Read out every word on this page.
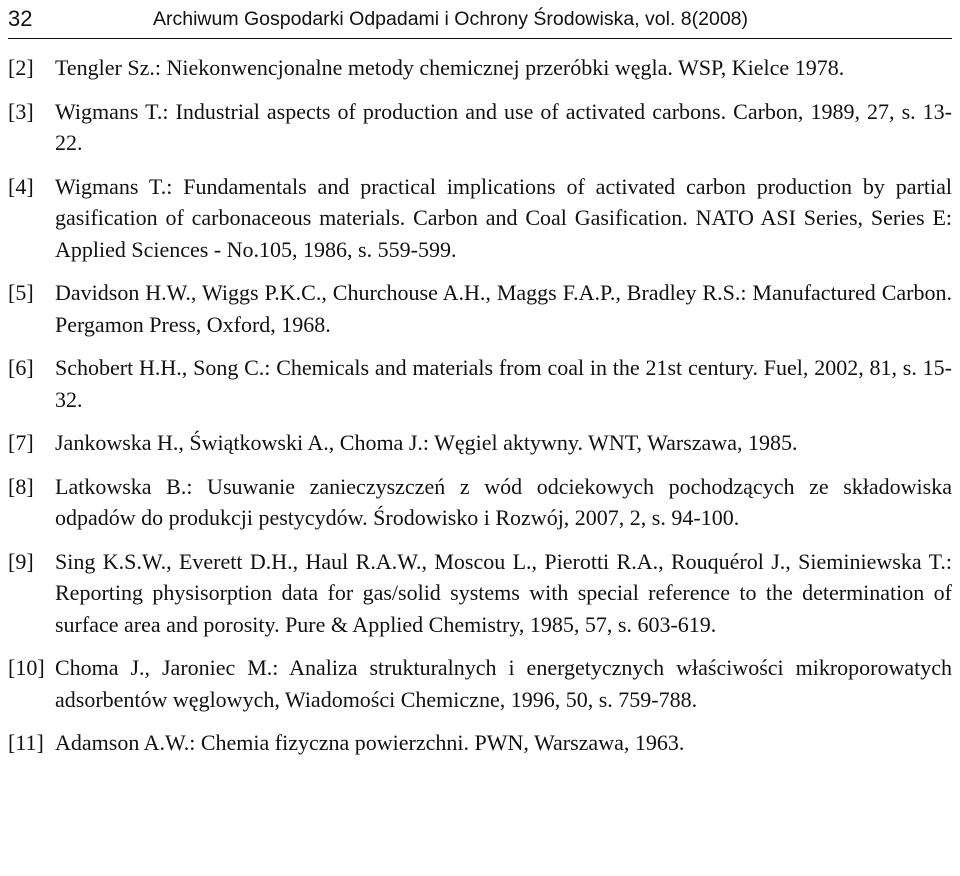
32	Archiwum Gospodarki Odpadami i Ochrony Środowiska, vol. 8(2008)
[2] Tengler Sz.: Niekonwencjonalne metody chemicznej przeróbki węgla. WSP, Kielce 1978.
[3] Wigmans T.: Industrial aspects of production and use of activated carbons. Carbon, 1989, 27, s. 13-22.
[4] Wigmans T.: Fundamentals and practical implications of activated carbon production by partial gasification of carbonaceous materials. Carbon and Coal Gasification. NATO ASI Series, Series E: Applied Sciences - No.105, 1986, s. 559-599.
[5] Davidson H.W., Wiggs P.K.C., Churchouse A.H., Maggs F.A.P., Bradley R.S.: Manufactured Carbon. Pergamon Press, Oxford, 1968.
[6] Schobert H.H., Song C.: Chemicals and materials from coal in the 21st century. Fuel, 2002, 81, s. 15-32.
[7] Jankowska H., Świątkowski A., Choma J.: Węgiel aktywny. WNT, Warszawa, 1985.
[8] Latkowska B.: Usuwanie zanieczyszczeń z wód odciekowych pochodzących ze składowiska odpadów do produkcji pestycydów. Środowisko i Rozwój, 2007, 2, s. 94-100.
[9] Sing K.S.W., Everett D.H., Haul R.A.W., Moscou L., Pierotti R.A., Rouquérol J., Sieminiewska T.: Reporting physisorption data for gas/solid systems with special reference to the determination of surface area and porosity. Pure & Applied Chemistry, 1985, 57, s. 603-619.
[10] Choma J., Jaroniec M.: Analiza strukturalnych i energetycznych właściwości mikroporowatych adsorbentów węglowych, Wiadomości Chemiczne, 1996, 50, s. 759-788.
[11] Adamson A.W.: Chemia fizyczna powierzchni. PWN, Warszawa, 1963.
